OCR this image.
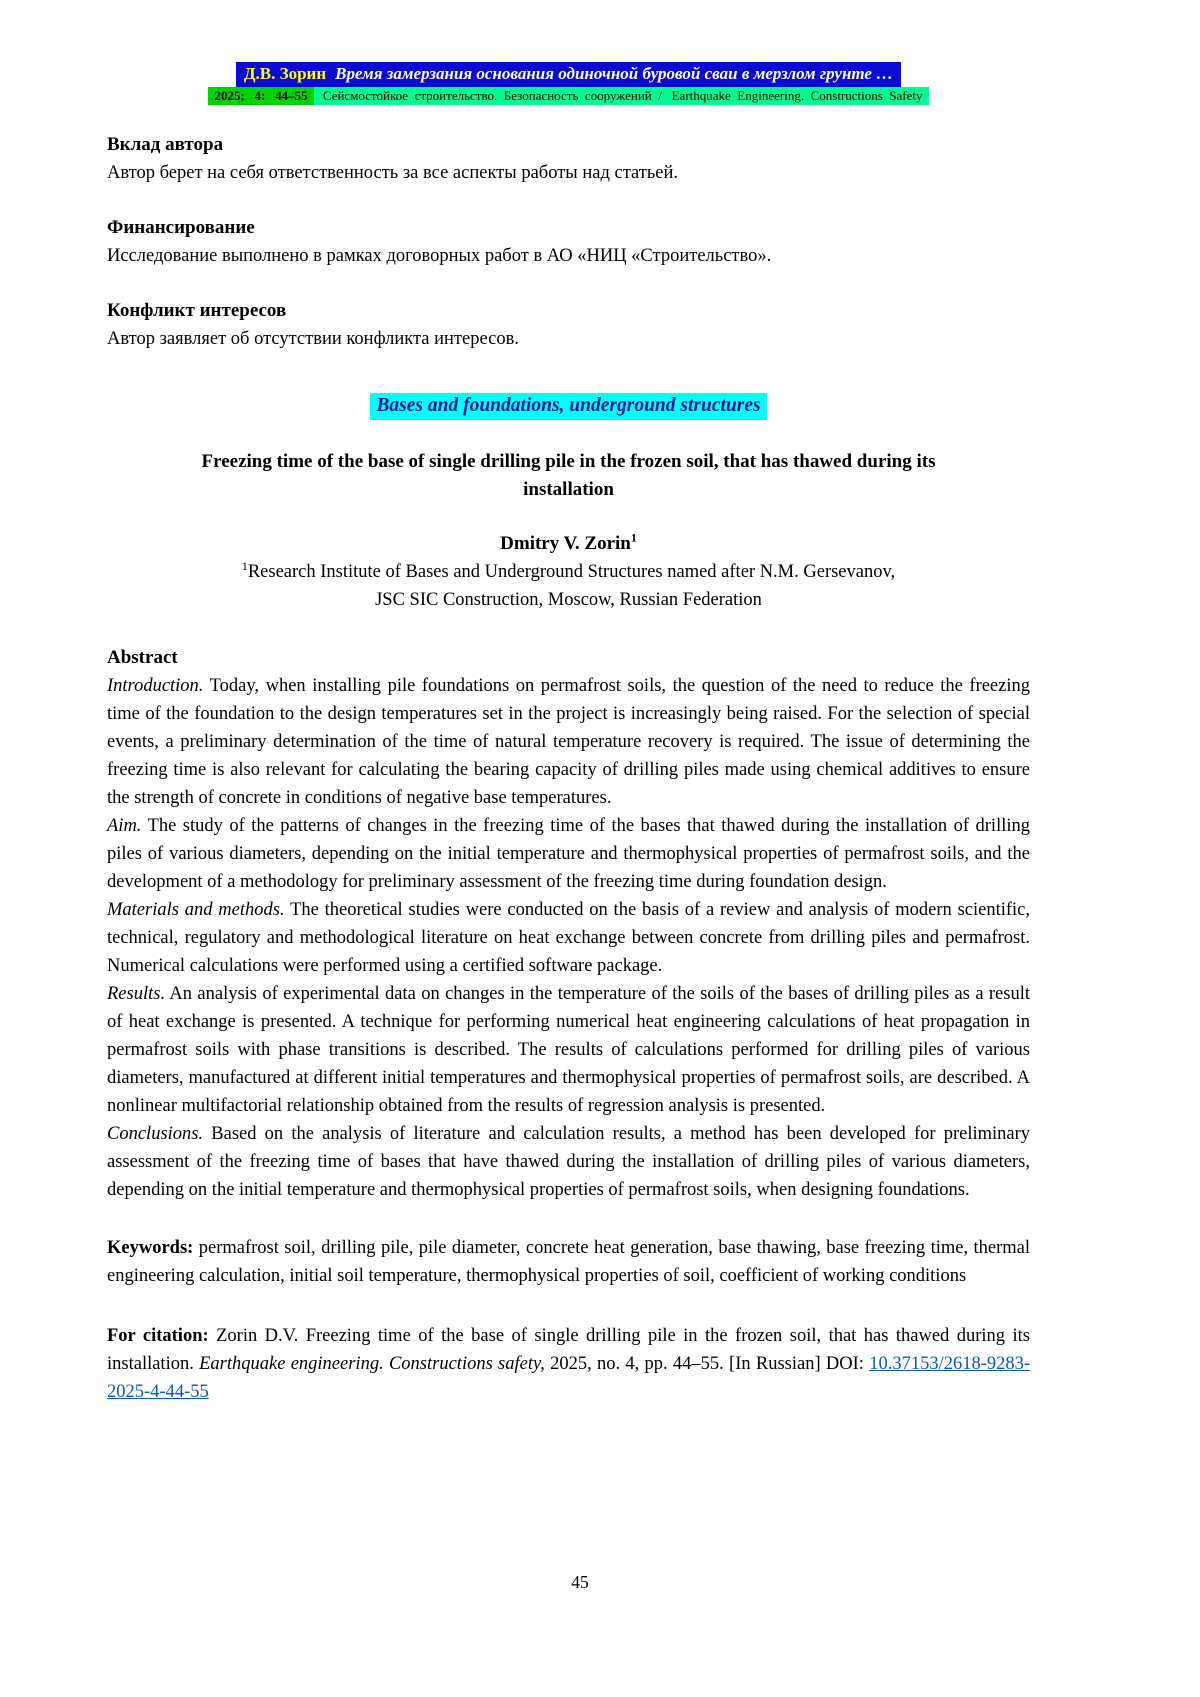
Д.В. Зорин Время замерзания основания одиночной буровой сваи в мерзлом грунте …
2025;   4:   44–55 Сейсмостойкое  строительство.  Безопасность  сооружений  /   Earthquake  Engineering.  Constructions  Safety
Вклад автора
Автор берет на себя ответственность за все аспекты работы над статьей.
Финансирование
Исследование выполнено в рамках договорных работ в АО «НИЦ «Строительство».
Конфликт интересов
Автор заявляет об отсутствии конфликта интересов.
Bases and foundations, underground structures
Freezing time of the base of single drilling pile in the frozen soil, that has thawed during its installation
Dmitry V. Zorin$^1$
$^1$Research Institute of Bases and Underground Structures named after N.M. Gersevanov,
JSC SIC Construction, Moscow, Russian Federation
Abstract

Introduction. Today, when installing pile foundations on permafrost soils, the question of the need to reduce the freezing time of the foundation to the design temperatures set in the project is increasingly being raised. For the selection of special events, a preliminary determination of the time of natural temperature recovery is required. The issue of determining the freezing time is also relevant for calculating the bearing capacity of drilling piles made using chemical additives to ensure the strength of concrete in conditions of negative base temperatures.

Aim. The study of the patterns of changes in the freezing time of the bases that thawed during the installation of drilling piles of various diameters, depending on the initial temperature and thermophysical properties of permafrost soils, and the development of a methodology for preliminary assessment of the freezing time during foundation design.

Materials and methods. The theoretical studies were conducted on the basis of a review and analysis of modern scientific, technical, regulatory and methodological literature on heat exchange between concrete from drilling piles and permafrost. Numerical calculations were performed using a certified software package.

Results. An analysis of experimental data on changes in the temperature of the soils of the bases of drilling piles as a result of heat exchange is presented. A technique for performing numerical heat engineering calculations of heat propagation in permafrost soils with phase transitions is described. The results of calculations performed for drilling piles of various diameters, manufactured at different initial temperatures and thermophysical properties of permafrost soils, are described. A nonlinear multifactorial relationship obtained from the results of regression analysis is presented.

Conclusions. Based on the analysis of literature and calculation results, a method has been developed for preliminary assessment of the freezing time of bases that have thawed during the installation of drilling piles of various diameters, depending on the initial temperature and thermophysical properties of permafrost soils, when designing foundations.

Keywords: permafrost soil, drilling pile, pile diameter, concrete heat generation, base thawing, base freezing time, thermal engineering calculation, initial soil temperature, thermophysical properties of soil, coefficient of working conditions

For citation: Zorin D.V. Freezing time of the base of single drilling pile in the frozen soil, that has thawed during its installation. Earthquake engineering. Constructions safety, 2025, no. 4, pp. 44–55. [In Russian] DOI: 10.37153/2618-9283-2025-4-44-55

45
